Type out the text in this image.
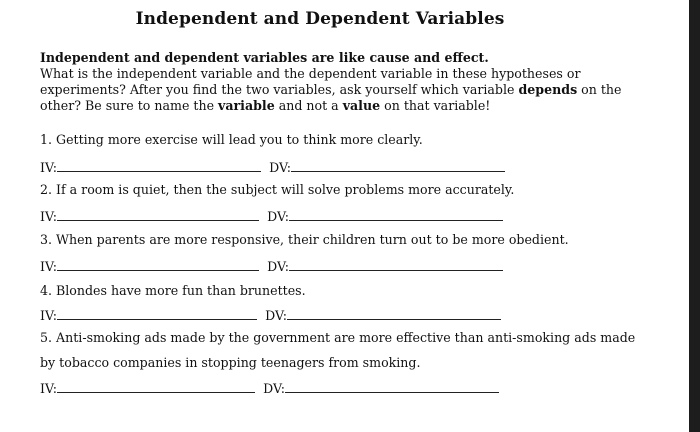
Independent and Dependent Variables
Independent and dependent variables are like cause and effect.
What is the independent variable and the dependent variable in these hypotheses or experiments? After you find the two variables, ask yourself which variable depends on the other? Be sure to name the variable and not a value on that variable!
1. Getting more exercise will lead you to think more clearly.
IV:	DV:
2. If a room is quiet, then the subject will solve problems more accurately.
IV:	DV:
3. When parents are more responsive, their children turn out to be more obedient.
IV:	DV:
4. Blondes have more fun than brunettes.
IV:	DV:
5. Anti-smoking ads made by the government are more effective than anti-smoking ads made
by tobacco companies in stopping teenagers from smoking.
IV:	DV:
